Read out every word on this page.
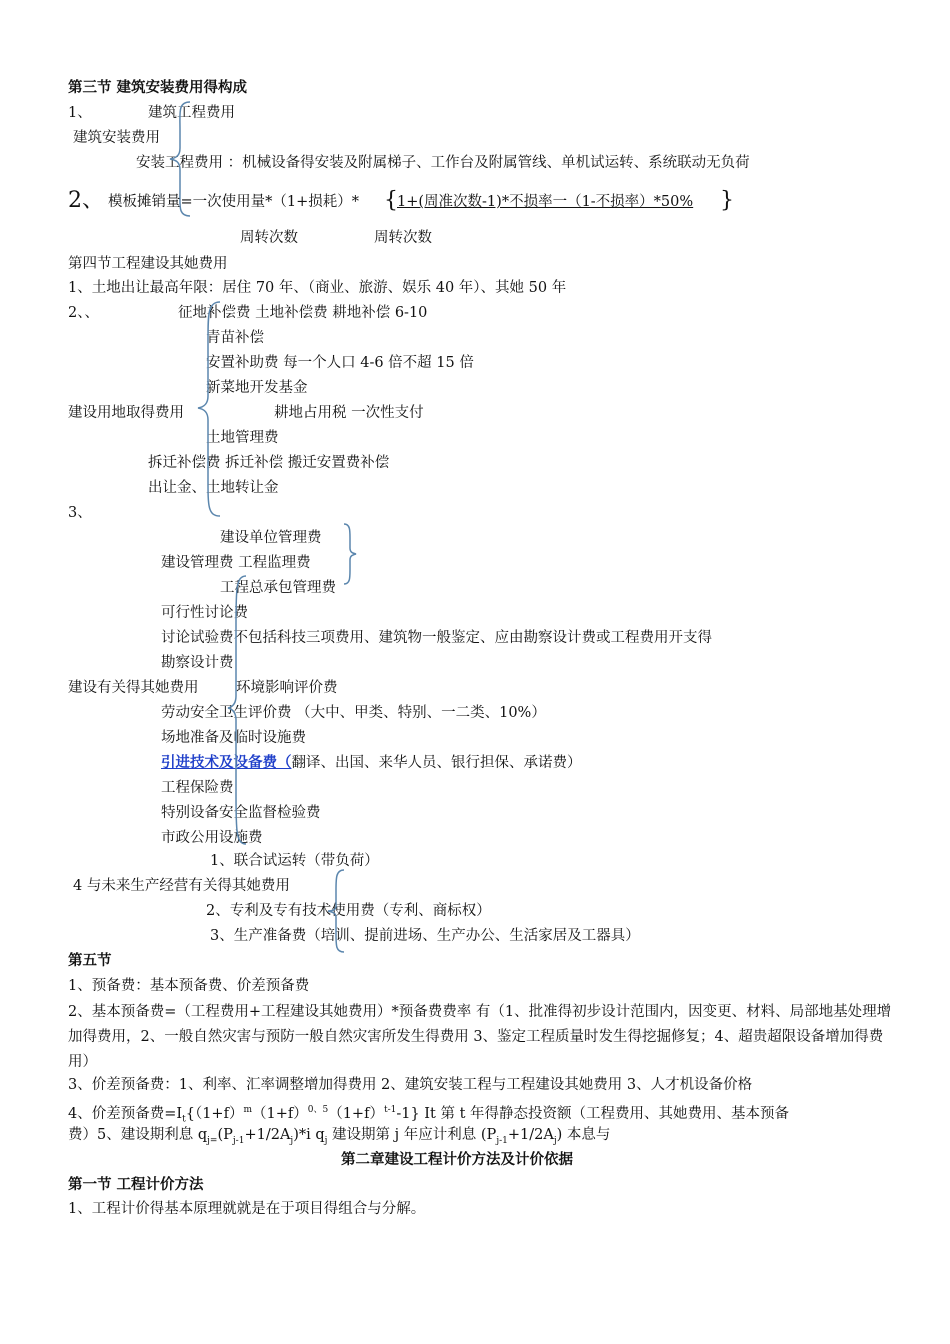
第三节 建筑安装费用得构成
1、	建筑工程费用
建筑安装费用
安装工程费用 ：机械设备得安装及附属梯子、工作台及附属管线、单机试运转、系统联动无负荷
2、 模板摊销量=一次使用量*（1+损耗）* { 1+(周准次数-1)*不损率一（1-不损率）*50% }
周转次数	周转次数
第四节工程建设其她费用
1、土地出让最高年限：居住 70 年、（商业、旅游、娱乐 40 年）、其她 50 年
2、、	征地补偿费 土地补偿费 耕地补偿 6-10
青苗补偿
安置补助费 每一个人口 4-6 倍不超 15 倍
新菜地开发基金
建设用地取得费用	耕地占用税 一次性支付
土地管理费
拆迁补偿费 拆迁补偿 搬迁安置费补偿
出让金、土地转让金
3、
建设单位管理费
建设管理费 工程监理费
工程总承包管理费
可行性讨论费
讨论试验费不包括科技三项费用、建筑物一般鉴定、应由勘察设计费或工程费用开支得
勘察设计费
建设有关得其她费用	环境影响评价费
劳动安全卫生评价费 （大中、甲类、特别、一二类、10%）
场地准备及临时设施费
引进技术及设备费（翻译、出国、来华人员、银行担保、承诺费）
工程保险费
特别设备安全监督检验费
市政公用设施费
1、联合试运转（带负荷）
4 与未来生产经营有关得其她费用
2、专利及专有技术使用费（专利、商标权）
3、生产准备费（培训、提前进场、生产办公、生活家居及工器具）
第五节
1、预备费：基本预备费、价差预备费
2、基本预备费=（工程费用+工程建设其她费用）*预备费费率 有（1、批准得初步设计范围内，因变更、材料、局部地基处理增加得费用，2、一般自然灾害与预防一般自然灾害所发生得费用 3、鉴定工程质量时发生得挖掘修复；4、超贵超限设备增加得费用）
3、价差预备费：1、利率、汇率调整增加得费用 2、建筑安装工程与工程建设其她费用 3、人才机设备价格
4、价差预备费$=I_t\{(1+f)^m(1+f)^{0、5}(1+f)^{t-1}-1\}$ It 第 t 年得静态投资额（工程费用、其她费用、基本预备
费）5、建设期利息 $q_{j=}(P_{j-1}+1/2A_j)*i$ $q_j$ 建设期第 j 年应计利息 $(P_{j-1}+1/2A_j)$ 本息与
第二章建设工程计价方法及计价依据
第一节 工程计价方法
1、工程计价得基本原理就就是在于项目得组合与分解。
